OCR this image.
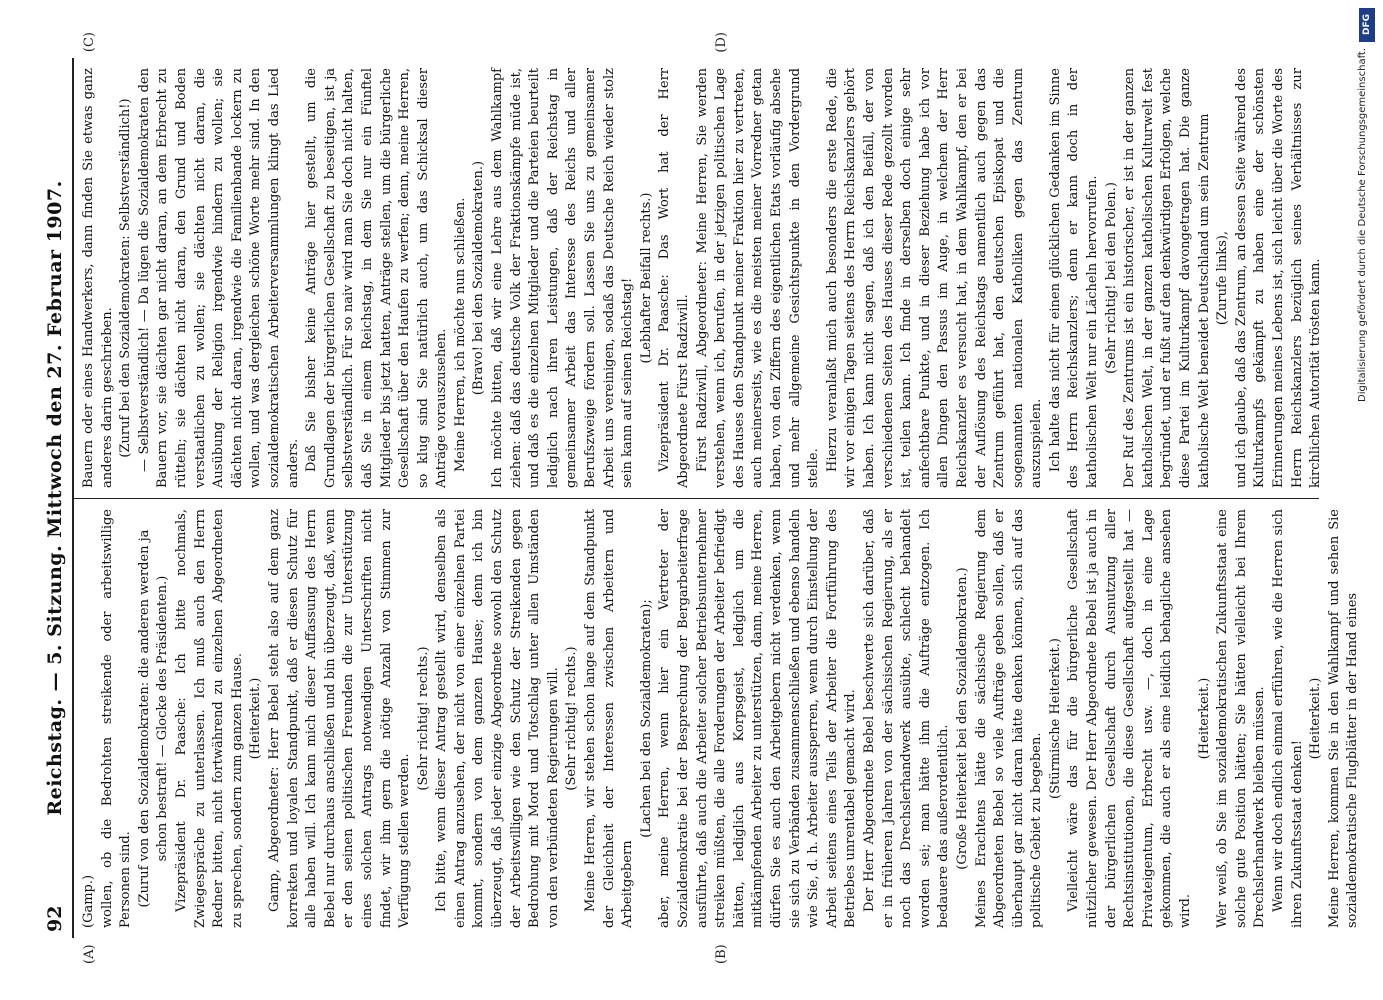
92
Reichstag. — 5. Sitzung. Mittwoch den 27. Februar 1907.
(A)	(B)

(Gamp.) wollen, ob die Bedrohten streikende oder arbeitswillige Personen sind. (Zuruf von den Sozialdemokraten: die anderen werden ja schon bestraft! — Glocke des Präsidenten.) Vizepräsident Dr. Paasche: Ich bitte nochmals, Zwiegespräche zu unterlassen. Ich muß auch den Herrn Redner bitten, nicht fortwährend zu einzelnen Abgeordneten zu sprechen, sondern zum ganzen Hause. (Heiterkeit.) Gamp, Abgeordneter: Herr Bebel steht also auf dem ganz korrekten und loyalen Standpunkt, daß er diesen Schutz für alle haben will. Ich kann mich dieser Auffassung des Herrn Bebel nur durchaus anschließen und bin überzeugt, daß, wenn er den seinen politischen Freunden die zur Unterstützung eines solchen Antrags notwendigen Unterschriften nicht findet, wir ihm gern die nötige Anzahl von Stimmen zur Verfügung stellen werden.

(Sehr richtig! rechts.) Ich bitte, wenn dieser Antrag gestellt wird, denselben als einen Antrag anzusehen, der nicht von einer einzelnen Partei kommt, sondern von dem ganzen Hause; denn ich bin überzeugt, daß jeder einzige Abgeordnete sowohl den Schutz der Arbeitswilligen wie den Schutz der Streikenden gegen Bedrohung mit Mord und Totschlag unter allen Umständen von den verbündeten Regierungen will. (Sehr richtig! rechts.) Meine Herren, wir stehen schon lange auf dem Standpunkt der Gleichheit der Interessen zwischen Arbeitern und Arbeitgebern

(Lachen bei den Sozialdemokraten); aber, meine Herren, wenn hier ein Vertreter der Sozialdemokratie bei der Besprechung der Bergarbeiterfrage ausführte, daß auch die Arbeiter solcher Betriebsunternehmer streiken müßten, die alle Forderungen der Arbeiter befriedigt hätten, lediglich aus Korpsgeist, lediglich um die mitkämpfenden Arbeiter zu unterstützen, dann, meine Herren, dürfen Sie es auch den Arbeitgebern nicht verdenken, wenn sie sich zu Verbänden zusammenschließen und ebenso handeln wie Sie, d. h. Arbeiter aussperren, wenn durch Einstellung der Arbeit seitens eines Teils der Arbeiter die Fortführung des Betriebes unrentabel gemacht wird. Der Herr Abgeordnete Bebel beschwerte sich darüber, daß er in früheren Jahren von der sächsischen Regierung, als er noch das Drechslerhandwerk ausübte, schlecht behandelt worden sei; man hätte ihm die Aufträge entzogen. Ich bedauere das außerordentlich. (Große Heiterkeit bei den Sozialdemokraten.) Meines Erachtens hätte die sächsische Regierung dem Abgeordneten Bebel so viele Aufträge geben sollen, daß er überhaupt gar nicht daran hätte denken können, sich auf das politische Gebiet zu begeben.

(Stürmische Heiterkeit.) Vielleicht wäre das für die bürgerliche Gesellschaft nützlicher gewesen. Der Herr Abgeordnete Bebel ist ja auch in der bürgerlichen Gesellschaft durch Ausnutzung aller Rechtsinstitutionen, die diese Gesellschaft aufgestellt hat — Privateigentum, Erbrecht usw. —, doch in eine Lage gekommen, die auch er als eine leidlich behagliche ansehen wird.

(Heiterkeit.) Wer weiß, ob Sie im sozialdemokratischen Zukunftsstaat eine solche gute Position hätten; Sie hätten vielleicht bei Ihrem Drechslerhandwerk bleiben müssen. Wenn wir doch endlich einmal erführen, wie die Herren sich ihren Zukunftsstaat denken!

(Heiterkeit.) Meine Herren, kommen Sie in den Wahlkampf und sehen Sie sozialdemokratische Flugblätter in der Hand eines

(C)	(D)

Bauern oder eines Handwerkers, dann finden Sie etwas ganz anderes darin geschrieben. (Zuruf bei den Sozialdemokraten: Selbstverständlich!) — Selbstverständlich! — Da lügen die Sozialdemokraten den Bauern vor, sie dächten gar nicht daran, an dem Erbrecht zu rütteln; sie dächten nicht daran, den Grund und Boden verstaatlichen zu wollen; sie dächten nicht daran, die Ausübung der Religion irgendwie hindern zu wollen; sie dächten nicht daran, irgendwie die Familienbande lockern zu wollen, und was dergleichen schöne Worte mehr sind. In den sozialdemokratischen Arbeiterversammlungen klingt das Lied anders. Daß Sie bisher keine Anträge hier gestellt, um die Grundlagen der bürgerlichen Gesellschaft zu beseitigen, ist ja selbstverständlich. Für so naiv wird man Sie doch nicht halten, daß Sie in einem Reichstag, in dem Sie nur ein Fünftel Mitglieder bis jetzt hatten, Anträge stellen, um die bürgerliche Gesellschaft über den Haufen zu werfen; denn, meine Herren, so klug sind Sie natürlich auch, um das Schicksal dieser Anträge vorauszusehen. Meine Herren, ich möchte nun schließen. (Bravo! bei den Sozialdemokraten.) Ich möchte bitten, daß wir eine Lehre aus dem Wahlkampf ziehen: daß das deutsche Volk der Fraktionskämpfe müde ist, und daß es die einzelnen Mitglieder und die Parteien beurteilt lediglich nach ihren Leistungen, daß der Reichstag in gemeinsamer Arbeit das Interesse des Reichs und aller Berufszweige fördern soll. Lassen Sie uns zu gemeinsamer Arbeit uns vereinigen, sodaß das Deutsche Reich wieder stolz sein kann auf seinen Reichstag! (Lebhafter Beifall rechts.) Vizepräsident Dr. Paasche: Das Wort hat der Herr Abgeordnete Fürst Radziwill. Fürst Radziwill, Abgeordneter: Meine Herren, Sie werden verstehen, wenn ich, berufen, in der jetzigen politischen Lage des Hauses den Standpunkt meiner Fraktion hier zu vertreten, auch meinerseits, wie es die meisten meiner Vorredner getan haben, von den Ziffern des eigentlichen Etats vorläufig absehe und mehr allgemeine Gesichtspunkte in den Vordergrund stelle. Hierzu veranlaßt mich auch besonders die erste Rede, die wir vor einigen Tagen seitens des Herrn Reichskanzlers gehört haben. Ich kann nicht sagen, daß ich den Beifall, der von verschiedenen Seiten des Hauses dieser Rede gezollt worden ist, teilen kann. Ich finde in derselben doch einige sehr anfechtbare Punkte, und in dieser Beziehung habe ich vor allen Dingen den Passus im Auge, in welchem der Herr Reichskanzler es versucht hat, in dem Wahlkampf, den er bei der Auflösung des Reichstags namentlich auch gegen das Zentrum geführt hat, den deutschen Episkopat und die sogenannten nationalen Katholiken gegen das Zentrum auszuspielen. Ich halte das nicht für einen glücklichen Gedanken im Sinne des Herrn Reichskanzlers; denn er kann doch in der katholischen Welt nur ein Lächeln hervorrufen. (Sehr richtig! bei den Polen.) Der Ruf des Zentrums ist ein historischer, er ist in der ganzen katholischen Welt, in der ganzen katholischen Kulturwelt fest begründet, und er fußt auf den denkwürdigen Erfolgen, welche diese Partei im Kulturkampf davongetragen hat. Die ganze katholische Welt beneidet Deutschland um sein Zentrum (Zurufe links), und ich glaube, daß das Zentrum, an dessen Seite während des Kulturkampfs gekämpft zu haben eine der schönsten Erinnerungen meines Lebens ist, sich leicht über die Worte des Herrn Reichskanzlers bezüglich seines Verhältnisses zur kirchlichen Autorität trösten kann.

DFG
Digitalisierung gefördert durch die Deutsche Forschungsgemeinschaft.
